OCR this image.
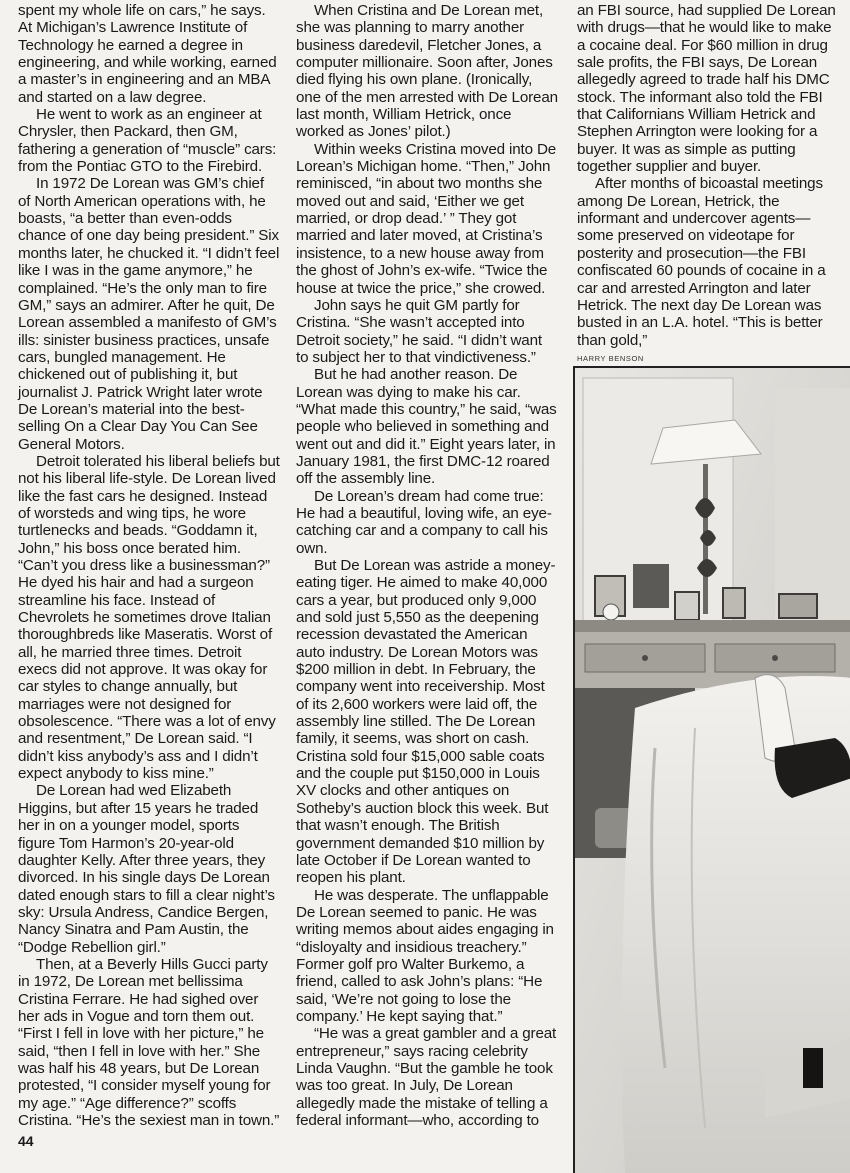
spent my whole life on cars,” he says. At Michigan’s Lawrence Institute of Technology he earned a degree in engineering, and while working, earned a master’s in engineering and an MBA and started on a law degree.

He went to work as an engineer at Chrysler, then Packard, then GM, fathering a generation of “muscle” cars: from the Pontiac GTO to the Firebird.

In 1972 De Lorean was GM’s chief of North American operations with, he boasts, “a better than even-odds chance of one day being president.” Six months later, he chucked it. “I didn’t feel like I was in the game anymore,” he complained. “He’s the only man to fire GM,” says an admirer. After he quit, De Lorean assembled a manifesto of GM’s ills: sinister business practices, unsafe cars, bungled management. He chickened out of publishing it, but journalist J. Patrick Wright later wrote De Lorean’s material into the best-selling On a Clear Day You Can See General Motors.

Detroit tolerated his liberal beliefs but not his liberal life-style. De Lorean lived like the fast cars he designed. Instead of worsteds and wing tips, he wore turtlenecks and beads. “Goddamn it, John,” his boss once berated him. “Can’t you dress like a businessman?” He dyed his hair and had a surgeon streamline his face. Instead of Chevrolets he sometimes drove Italian thoroughbreds like Maseratis. Worst of all, he married three times. Detroit execs did not approve. It was okay for car styles to change annually, but marriages were not designed for obsolescence. “There was a lot of envy and resentment,” De Lorean said. “I didn’t kiss anybody’s ass and I didn’t expect anybody to kiss mine.”

De Lorean had wed Elizabeth Higgins, but after 15 years he traded her in on a younger model, sports figure Tom Harmon’s 20-year-old daughter Kelly. After three years, they divorced. In his single days De Lorean dated enough stars to fill a clear night’s sky: Ursula Andress, Candice Bergen, Nancy Sinatra and Pam Austin, the “Dodge Rebellion girl.”

Then, at a Beverly Hills Gucci party in 1972, De Lorean met bellissima Cristina Ferrare. He had sighed over her ads in Vogue and torn them out. “First I fell in love with her picture,” he said, “then I fell in love with her.” She was half his 48 years, but De Lorean protested, “I consider myself young for my age.” “Age difference?” scoffs Cristina. “He’s the sexiest man in town.”

When Cristina and De Lorean met, she was planning to marry another business daredevil, Fletcher Jones, a computer millionaire. Soon after, Jones died flying his own plane. (Ironically, one of the men arrested with De Lorean last month, William Hetrick, once worked as Jones’ pilot.)

Within weeks Cristina moved into De Lorean’s Michigan home. “Then,” John reminisced, “in about two months she moved out and said, ‘Either we get married, or drop dead.’ ” They got married and later moved, at Cristina’s insistence, to a new house away from the ghost of John’s ex-wife. “Twice the house at twice the price,” she crowed.

John says he quit GM partly for Cristina. “She wasn’t accepted into Detroit society,” he said. “I didn’t want to subject her to that vindictiveness.”

But he had another reason. De Lorean was dying to make his car. “What made this country,” he said, “was people who believed in something and went out and did it.” Eight years later, in January 1981, the first DMC-12 roared off the assembly line.

De Lorean’s dream had come true: He had a beautiful, loving wife, an eye-catching car and a company to call his own.

But De Lorean was astride a money-eating tiger. He aimed to make 40,000 cars a year, but produced only 9,000 and sold just 5,550 as the deepening recession devastated the American auto industry. De Lorean Motors was $200 million in debt. In February, the company went into receivership. Most of its 2,600 workers were laid off, the assembly line stilled. The De Lorean family, it seems, was short on cash. Cristina sold four $15,000 sable coats and the couple put $150,000 in Louis XV clocks and other antiques on Sotheby’s auction block this week. But that wasn’t enough. The British government demanded $10 million by late October if De Lorean wanted to reopen his plant.

He was desperate. The unflappable De Lorean seemed to panic. He was writing memos about aides engaging in “disloyalty and insidious treachery.” Former golf pro Walter Burkemo, a friend, called to ask John’s plans: “He said, ‘We’re not going to lose the company.’ He kept saying that.”

“He was a great gambler and a great entrepreneur,” says racing celebrity Linda Vaughn. “But the gamble he took was too great. In July, De Lorean allegedly made the mistake of telling a federal informant—who, according to

an FBI source, had supplied De Lorean with drugs—that he would like to make a cocaine deal. For $60 million in drug sale profits, the FBI says, De Lorean allegedly agreed to trade half his DMC stock. The informant also told the FBI that Californians William Hetrick and Stephen Arrington were looking for a buyer. It was as simple as putting together supplier and buyer.

After months of bicoastal meetings among De Lorean, Hetrick, the informant and undercover agents—some preserved on videotape for posterity and prosecution—the FBI confiscated 60 pounds of cocaine in a car and arrested Arrington and later Hetrick. The next day De Lorean was busted in an L.A. hotel. “This is better than gold,”

HARRY BENSON
44
